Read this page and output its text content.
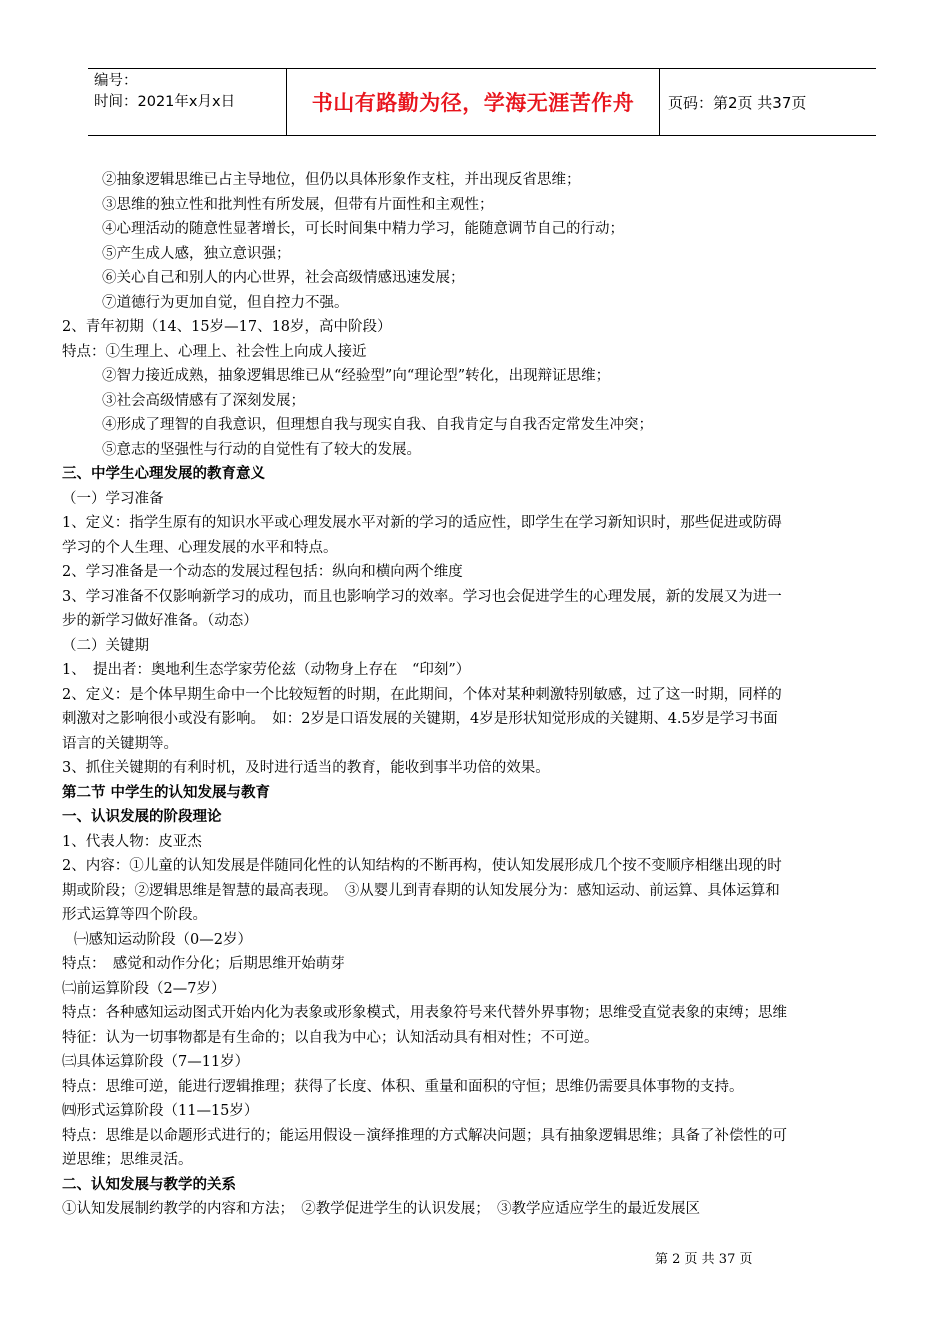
编号：
时间：2021年x月x日	书山有路勤为径，学海无涯苦作舟	页码：第2页 共37页
②抽象逻辑思维已占主导地位，但仍以具体形象作支柱，并出现反省思维；
③思维的独立性和批判性有所发展，但带有片面性和主观性；
④心理活动的随意性显著增长，可长时间集中精力学习，能随意调节自己的行动；
⑤产生成人感，独立意识强；
⑥关心自己和别人的内心世界，社会高级情感迅速发展；
⑦道德行为更加自觉，但自控力不强。
2、青年初期（14、15岁—17、18岁，高中阶段）
特点：①生理上、心理上、社会性上向成人接近
②智力接近成熟，抽象逻辑思维已从“经验型”向“理论型”转化，出现辩证思维；
③社会高级情感有了深刻发展；
④形成了理智的自我意识，但理想自我与现实自我、自我肯定与自我否定常发生冲突；
⑤意志的坚强性与行动的自觉性有了较大的发展。
三、中学生心理发展的教育意义
（一）学习准备
1、定义：指学生原有的知识水平或心理发展水平对新的学习的适应性，即学生在学习新知识时，那些促进或防碍
学习的个人生理、心理发展的水平和特点。
2、学习准备是一个动态的发展过程包括：纵向和横向两个维度
3、学习准备不仅影响新学习的成功，而且也影响学习的效率。学习也会促进学生的心理发展，新的发展又为进一
步的新学习做好准备。（动态）
（二）关键期
1、　提出者：奥地利生态学家劳伦兹（动物身上存在　“印刻”）
2、定义：是个体早期生命中一个比较短暂的时期，在此期间，个体对某种刺激特别敏感，过了这一时期，同样的
刺激对之影响很小或没有影响。　如：2岁是口语发展的关键期，4岁是形状知觉形成的关键期、4.5岁是学习书面
语言的关键期等。
3、抓住关键期的有利时机，及时进行适当的教育，能收到事半功倍的效果。
第二节 中学生的认知发展与教育
一、认识发展的阶段理论
1、代表人物：皮亚杰
2、内容：①儿童的认知发展是伴随同化性的认知结构的不断再构，使认知发展形成几个按不变顺序相继出现的时
期或阶段；②逻辑思维是智慧的最高表现。　③从婴儿到青春期的认知发展分为：感知运动、前运算、具体运算和
形式运算等四个阶段。
㈠感知运动阶段（0—2岁）
特点：　感觉和动作分化；后期思维开始萌芽
㈡前运算阶段（2—7岁）
特点：各种感知运动图式开始内化为表象或形象模式，用表象符号来代替外界事物；思维受直觉表象的束缚；思维
特征：认为一切事物都是有生命的；以自我为中心；认知活动具有相对性；不可逆。
㈢具体运算阶段（7—11岁）
特点：思维可逆，能进行逻辑推理；获得了长度、体积、重量和面积的守恒；思维仍需要具体事物的支持。
㈣形式运算阶段（11—15岁）
特点：思维是以命题形式进行的；能运用假设－演绎推理的方式解决问题；具有抽象逻辑思维；具备了补偿性的可
逆思维；思维灵活。
二、认知发展与教学的关系
①认知发展制约教学的内容和方法；　②教学促进学生的认识发展；　③教学应适应学生的最近发展区
第 2 页 共 37 页
